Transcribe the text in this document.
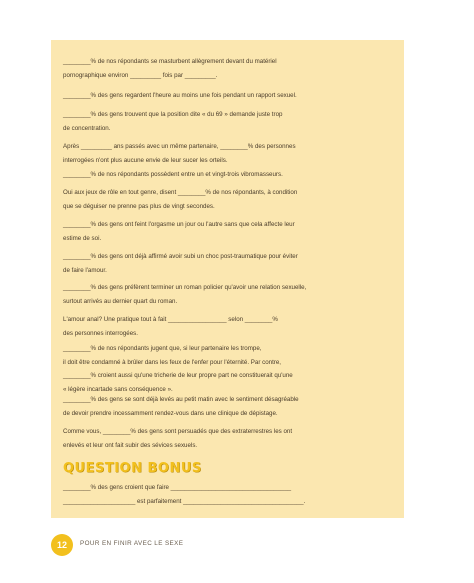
________% de nos répondants se masturbent allègrement devant du matériel
pornographique environ _________ fois par _________.

________% des gens regardent l'heure au moins une fois pendant un rapport sexuel.

________% des gens trouvent que la position dite « du 69 » demande juste trop
de concentration.

Après _________ ans passés avec un même partenaire, ________% des personnes
interrogées n'ont plus aucune envie de leur sucer les orteils.

________% de nos répondants possèdent entre un et vingt-trois vibromasseurs.

Oui aux jeux de rôle en tout genre, disent ________% de nos répondants, à condition
que se déguiser ne prenne pas plus de vingt secondes.

________% des gens ont feint l'orgasme un jour ou l'autre sans que cela affecte leur
estime de soi.

________% des gens ont déjà affirmé avoir subi un choc post-traumatique pour éviter
de faire l'amour.

________% des gens préfèrent terminer un roman policier qu'avoir une relation sexuelle,
surtout arrivés au dernier quart du roman.

L'amour anal? Une pratique tout à fait _________________ selon ________%
des personnes interrogées.

________% de nos répondants jugent que, si leur partenaire les trompe,
il doit être condamné à brûler dans les feux de l'enfer pour l'éternité. Par contre,
________% croient aussi qu'une tricherie de leur propre part ne constituerait qu'une
« légère incartade sans conséquence ».

________% des gens se sont déjà levés au petit matin avec le sentiment désagréable
de devoir prendre incessamment rendez-vous dans une clinique de dépistage.

Comme vous, ________% des gens sont persuadés que des extraterrestres les ont
enlevés et leur ont fait subir des sévices sexuels.

QUESTION BONUS

________% des gens croient que faire ___________________________________
_____________________ est parfaitement ___________________________________.

12	POUR EN FINIR AVEC LE SEXE
